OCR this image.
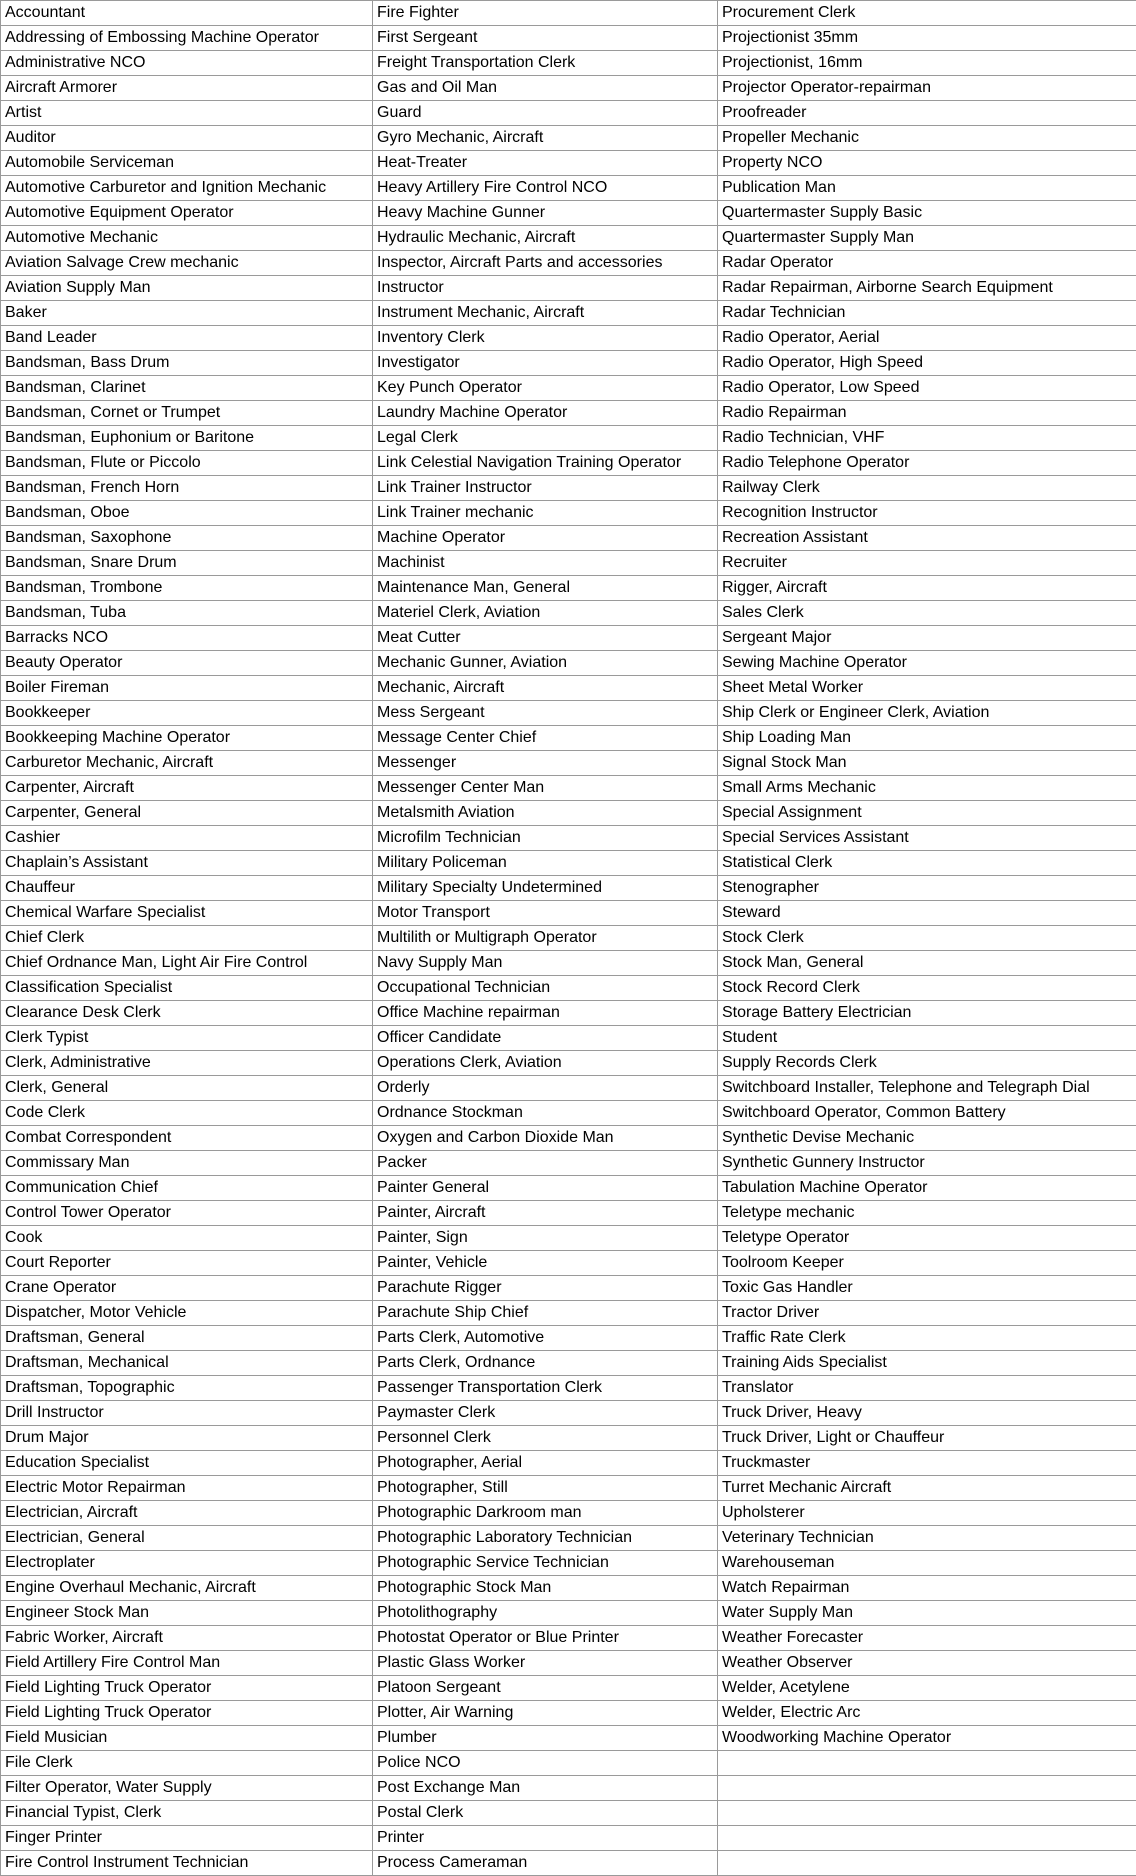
Accountant	Fire Fighter	Procurement Clerk
Addressing of Embossing Machine Operator	First Sergeant	Projectionist 35mm
Administrative NCO	Freight Transportation Clerk	Projectionist, 16mm
Aircraft Armorer	Gas and Oil Man	Projector Operator-repairman
Artist	Guard	Proofreader
Auditor	Gyro Mechanic, Aircraft	Propeller Mechanic
Automobile Serviceman	Heat-Treater	Property NCO
Automotive Carburetor and Ignition Mechanic	Heavy Artillery Fire Control NCO	Publication Man
Automotive Equipment Operator	Heavy Machine Gunner	Quartermaster Supply Basic
Automotive Mechanic	Hydraulic Mechanic, Aircraft	Quartermaster Supply Man
Aviation Salvage Crew mechanic	Inspector, Aircraft Parts and accessories	Radar Operator
Aviation Supply Man	Instructor	Radar Repairman, Airborne Search Equipment
Baker	Instrument Mechanic, Aircraft	Radar Technician
Band Leader	Inventory Clerk	Radio Operator, Aerial
Bandsman, Bass Drum	Investigator	Radio Operator, High Speed
Bandsman, Clarinet	Key Punch Operator	Radio Operator, Low Speed
Bandsman, Cornet or Trumpet	Laundry Machine Operator	Radio Repairman
Bandsman, Euphonium or Baritone	Legal Clerk	Radio Technician, VHF
Bandsman, Flute or Piccolo	Link Celestial Navigation Training Operator	Radio Telephone Operator
Bandsman, French Horn	Link Trainer Instructor	Railway Clerk
Bandsman, Oboe	Link Trainer mechanic	Recognition Instructor
Bandsman, Saxophone	Machine Operator	Recreation Assistant
Bandsman, Snare Drum	Machinist	Recruiter
Bandsman, Trombone	Maintenance Man, General	Rigger, Aircraft
Bandsman, Tuba	Materiel Clerk, Aviation	Sales Clerk
Barracks NCO	Meat Cutter	Sergeant Major
Beauty Operator	Mechanic Gunner, Aviation	Sewing Machine Operator
Boiler Fireman	Mechanic, Aircraft	Sheet Metal Worker
Bookkeeper	Mess Sergeant	Ship Clerk or Engineer Clerk, Aviation
Bookkeeping Machine Operator	Message Center Chief	Ship Loading Man
Carburetor Mechanic, Aircraft	Messenger	Signal Stock Man
Carpenter, Aircraft	Messenger Center Man	Small Arms Mechanic
Carpenter, General	Metalsmith Aviation	Special Assignment
Cashier	Microfilm Technician	Special Services Assistant
Chaplain’s Assistant	Military Policeman	Statistical Clerk
Chauffeur	Military Specialty Undetermined	Stenographer
Chemical Warfare Specialist	Motor Transport	Steward
Chief Clerk	Multilith or Multigraph Operator	Stock Clerk
Chief Ordnance Man, Light Air Fire Control	Navy Supply Man	Stock Man, General
Classification Specialist	Occupational Technician	Stock Record Clerk
Clearance Desk Clerk	Office Machine repairman	Storage Battery Electrician
Clerk Typist	Officer Candidate	Student
Clerk, Administrative	Operations Clerk, Aviation	Supply Records Clerk
Clerk, General	Orderly	Switchboard Installer, Telephone and Telegraph Dial
Code Clerk	Ordnance Stockman	Switchboard Operator, Common Battery
Combat Correspondent	Oxygen and Carbon Dioxide Man	Synthetic Devise Mechanic
Commissary Man	Packer	Synthetic Gunnery Instructor
Communication Chief	Painter General	Tabulation Machine Operator
Control Tower Operator	Painter, Aircraft	Teletype mechanic
Cook	Painter, Sign	Teletype Operator
Court Reporter	Painter, Vehicle	Toolroom Keeper
Crane Operator	Parachute Rigger	Toxic Gas Handler
Dispatcher, Motor Vehicle	Parachute Ship Chief	Tractor Driver
Draftsman, General	Parts Clerk, Automotive	Traffic Rate Clerk
Draftsman, Mechanical	Parts Clerk, Ordnance	Training Aids Specialist
Draftsman, Topographic	Passenger Transportation Clerk	Translator
Drill Instructor	Paymaster Clerk	Truck Driver, Heavy
Drum Major	Personnel Clerk	Truck Driver, Light or Chauffeur
Education Specialist	Photographer, Aerial	Truckmaster
Electric Motor Repairman	Photographer, Still	Turret Mechanic Aircraft
Electrician, Aircraft	Photographic Darkroom man	Upholsterer
Electrician, General	Photographic Laboratory Technician	Veterinary Technician
Electroplater	Photographic Service Technician	Warehouseman
Engine Overhaul Mechanic, Aircraft	Photographic Stock Man	Watch Repairman
Engineer Stock Man	Photolithography	Water Supply Man
Fabric Worker, Aircraft	Photostat Operator or Blue Printer	Weather Forecaster
Field Artillery Fire Control Man	Plastic Glass Worker	Weather Observer
Field Lighting Truck Operator	Platoon Sergeant	Welder, Acetylene
Field Lighting Truck Operator	Plotter, Air Warning	Welder, Electric Arc
Field Musician	Plumber	Woodworking Machine Operator
File Clerk	Police NCO	
Filter Operator, Water Supply	Post Exchange Man	
Financial Typist, Clerk	Postal Clerk	
Finger Printer	Printer	
Fire Control Instrument Technician	Process Cameraman	
